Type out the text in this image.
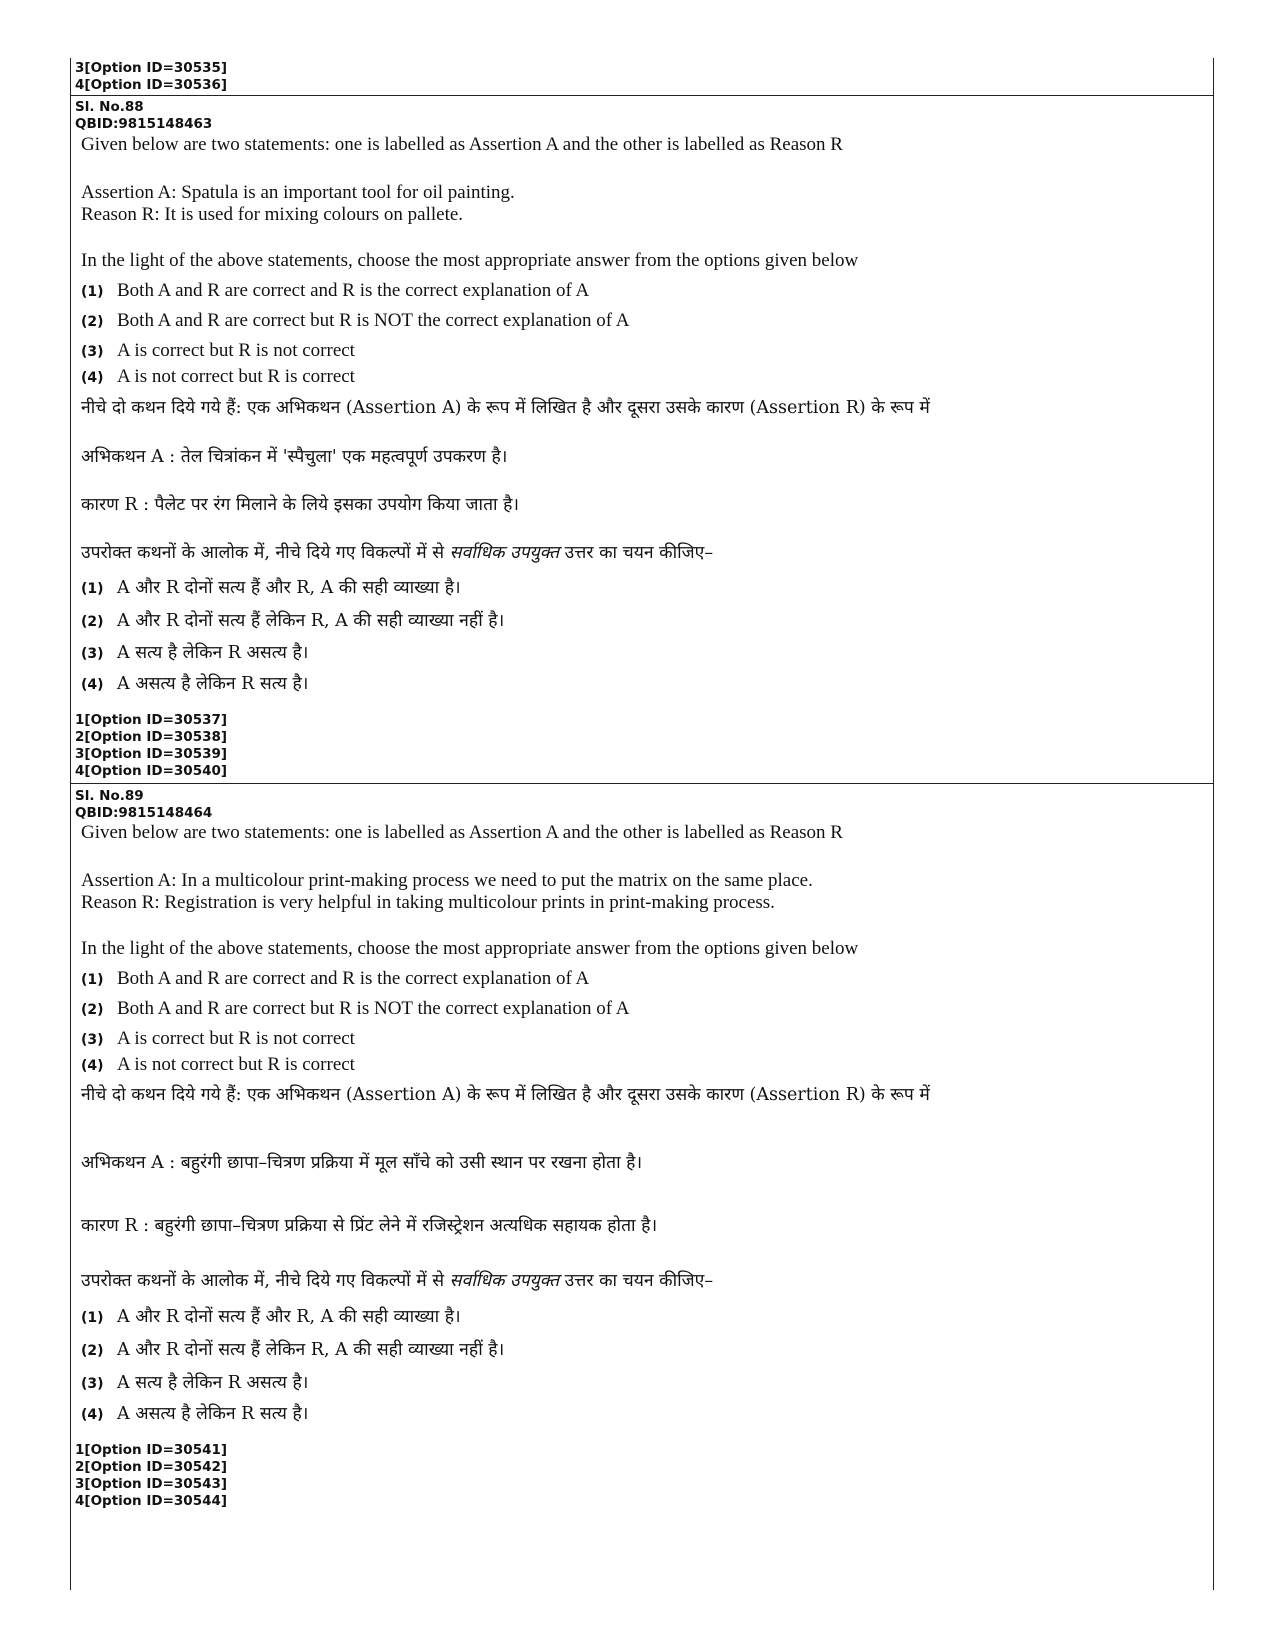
3[Option ID=30535]
4[Option ID=30536]
Sl. No.88
QBID:9815148463
Given below are two statements: one is labelled as Assertion A and the other is labelled as Reason R
Assertion A: Spatula is an important tool for oil painting.
Reason R: It is used for mixing colours on pallete.
In the light of the above statements, choose the most appropriate answer from the options given below
(1) Both A and R are correct and R is the correct explanation of A
(2) Both A and R are correct but R is NOT the correct explanation of A
(3) A is correct but R is not correct
(4) A is not correct but R is correct
नीचे दो कथन दिये गये हैं: एक अभिकथन (Assertion A) के रूप में लिखित है और दूसरा उसके कारण (Assertion R) के रूप में
अभिकथन A : तेल चित्रांकन में 'स्पैचुला' एक महत्वपूर्ण उपकरण है।
कारण R : पैलेट पर रंग मिलाने के लिये इसका उपयोग किया जाता है।
उपरोक्त कथनों के आलोक में, नीचे दिये गए विकल्पों में से सर्वाधिक उपयुक्त उत्तर का चयन कीजिए–
(1) A और R दोनों सत्य हैं और R, A की सही व्याख्या है।
(2) A और R दोनों सत्य हैं लेकिन R, A की सही व्याख्या नहीं है।
(3) A सत्य है लेकिन R असत्य है।
(4) A असत्य है लेकिन R सत्य है।
1[Option ID=30537]
2[Option ID=30538]
3[Option ID=30539]
4[Option ID=30540]
Sl. No.89
QBID:9815148464
Given below are two statements: one is labelled as Assertion A and the other is labelled as Reason R
Assertion A: In a multicolour print-making process we need to put the matrix on the same place.
Reason R: Registration is very helpful in taking multicolour prints in print-making process.
In the light of the above statements, choose the most appropriate answer from the options given below
(1) Both A and R are correct and R is the correct explanation of A
(2) Both A and R are correct but R is NOT the correct explanation of A
(3) A is correct but R is not correct
(4) A is not correct but R is correct
नीचे दो कथन दिये गये हैं: एक अभिकथन (Assertion A) के रूप में लिखित है और दूसरा उसके कारण (Assertion R) के रूप में
अभिकथन A : बहुरंगी छापा–चित्रण प्रक्रिया में मूल साँचे को उसी स्थान पर रखना होता है।
कारण R : बहुरंगी छापा–चित्रण प्रक्रिया से प्रिंट लेने में रजिस्ट्रेशन अत्यधिक सहायक होता है।
उपरोक्त कथनों के आलोक में, नीचे दिये गए विकल्पों में से सर्वाधिक उपयुक्त उत्तर का चयन कीजिए–
(1) A और R दोनों सत्य हैं और R, A की सही व्याख्या है।
(2) A और R दोनों सत्य हैं लेकिन R, A की सही व्याख्या नहीं है।
(3) A सत्य है लेकिन R असत्य है।
(4) A असत्य है लेकिन R सत्य है।
1[Option ID=30541]
2[Option ID=30542]
3[Option ID=30543]
4[Option ID=30544]
